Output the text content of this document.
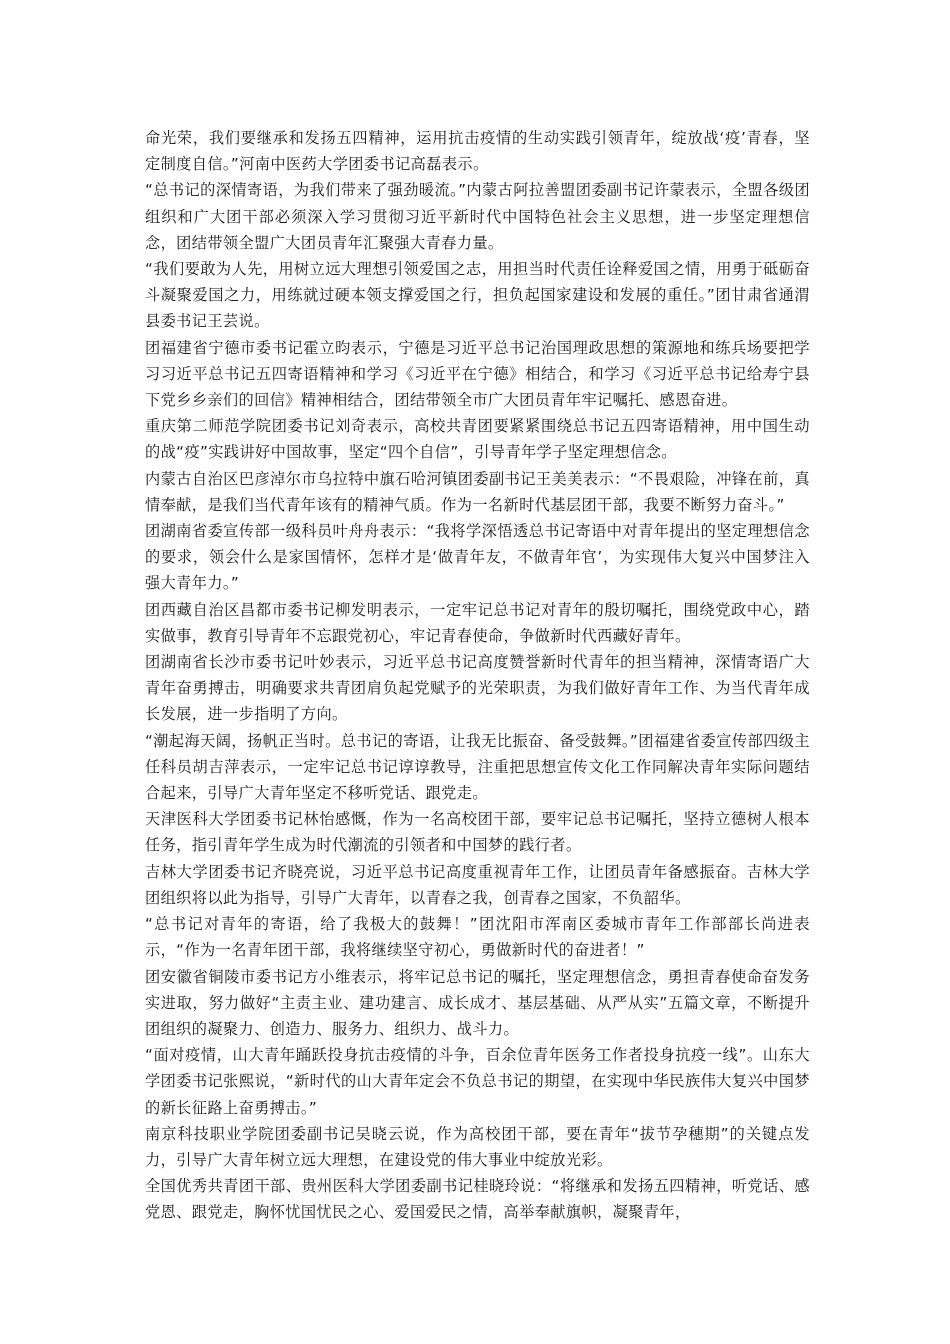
命光荣，我们要继承和发扬五四精神，运用抗击疫情的生动实践引领青年，绽放战‘疫’青春，坚定制度自信。”河南中医药大学团委书记高磊表示。

“总书记的深情寄语，为我们带来了强劲暖流。”内蒙古阿拉善盟团委副书记许蒙表示，全盟各级团组织和广大团干部必须深入学习贯彻习近平新时代中国特色社会主义思想，进一步坚定理想信念，团结带领全盟广大团员青年汇聚强大青春力量。

“我们要敢为人先，用树立远大理想引领爱国之志，用担当时代责任诠释爱国之情，用勇于砥砺奋斗凝聚爱国之力，用练就过硬本领支撑爱国之行，担负起国家建设和发展的重任。”团甘肃省通渭县委书记王芸说。

团福建省宁德市委书记霍立昀表示，宁德是习近平总书记治国理政思想的策源地和练兵场要把学习习近平总书记五四寄语精神和学习《习近平在宁德》相结合，和学习《习近平总书记给寿宁县下党乡乡亲们的回信》精神相结合，团结带领全市广大团员青年牢记嘱托、感恩奋进。

重庆第二师范学院团委书记刘奇表示，高校共青团要紧紧围绕总书记五四寄语精神，用中国生动的战“疫”实践讲好中国故事，坚定“四个自信”，引导青年学子坚定理想信念。

内蒙古自治区巴彦淖尔市乌拉特中旗石哈河镇团委副书记王美美表示：“不畏艰险，冲锋在前，真情奉献，是我们当代青年该有的精神气质。作为一名新时代基层团干部，我要不断努力奋斗。”

团湖南省委宣传部一级科员叶舟舟表示：“我将学深悟透总书记寄语中对青年提出的坚定理想信念的要求，领会什么是家国情怀，怎样才是‘做青年友，不做青年官’，为实现伟大复兴中国梦注入强大青年力。”

团西藏自治区昌都市委书记柳发明表示，一定牢记总书记对青年的殷切嘱托，围绕党政中心，踏实做事，教育引导青年不忘跟党初心，牢记青春使命，争做新时代西藏好青年。

团湖南省长沙市委书记叶妙表示，习近平总书记高度赞誉新时代青年的担当精神，深情寄语广大青年奋勇搏击，明确要求共青团肩负起党赋予的光荣职责，为我们做好青年工作、为当代青年成长发展，进一步指明了方向。

“潮起海天阔，扬帆正当时。总书记的寄语，让我无比振奋、备受鼓舞。”团福建省委宣传部四级主任科员胡吉萍表示，一定牢记总书记谆谆教导，注重把思想宣传文化工作同解决青年实际问题结合起来，引导广大青年坚定不移听党话、跟党走。

天津医科大学团委书记林怡感慨，作为一名高校团干部，要牢记总书记嘱托，坚持立德树人根本任务，指引青年学生成为时代潮流的引领者和中国梦的践行者。

吉林大学团委书记齐晓亮说，习近平总书记高度重视青年工作，让团员青年备感振奋。吉林大学团组织将以此为指导，引导广大青年，以青春之我，创青春之国家，不负韶华。

“总书记对青年的寄语，给了我极大的鼓舞！”团沈阳市浑南区委城市青年工作部部长尚进表示，“作为一名青年团干部，我将继续坚守初心，勇做新时代的奋进者！”

团安徽省铜陵市委书记方小维表示，将牢记总书记的嘱托，坚定理想信念，勇担青春使命奋发务实进取，努力做好“主责主业、建功建言、成长成才、基层基础、从严从实”五篇文章，不断提升团组织的凝聚力、创造力、服务力、组织力、战斗力。

“面对疫情，山大青年踊跃投身抗击疫情的斗争，百余位青年医务工作者投身抗疫一线”。山东大学团委书记张熙说，“新时代的山大青年定会不负总书记的期望，在实现中华民族伟大复兴中国梦的新长征路上奋勇搏击。”

南京科技职业学院团委副书记吴晓云说，作为高校团干部，要在青年“拔节孕穗期”的关键点发力，引导广大青年树立远大理想，在建设党的伟大事业中绽放光彩。

全国优秀共青团干部、贵州医科大学团委副书记桂晓玲说：“将继承和发扬五四精神，听党话、感党恩、跟党走，胸怀忧国忧民之心、爱国爱民之情，高举奉献旗帜，凝聚青年，
